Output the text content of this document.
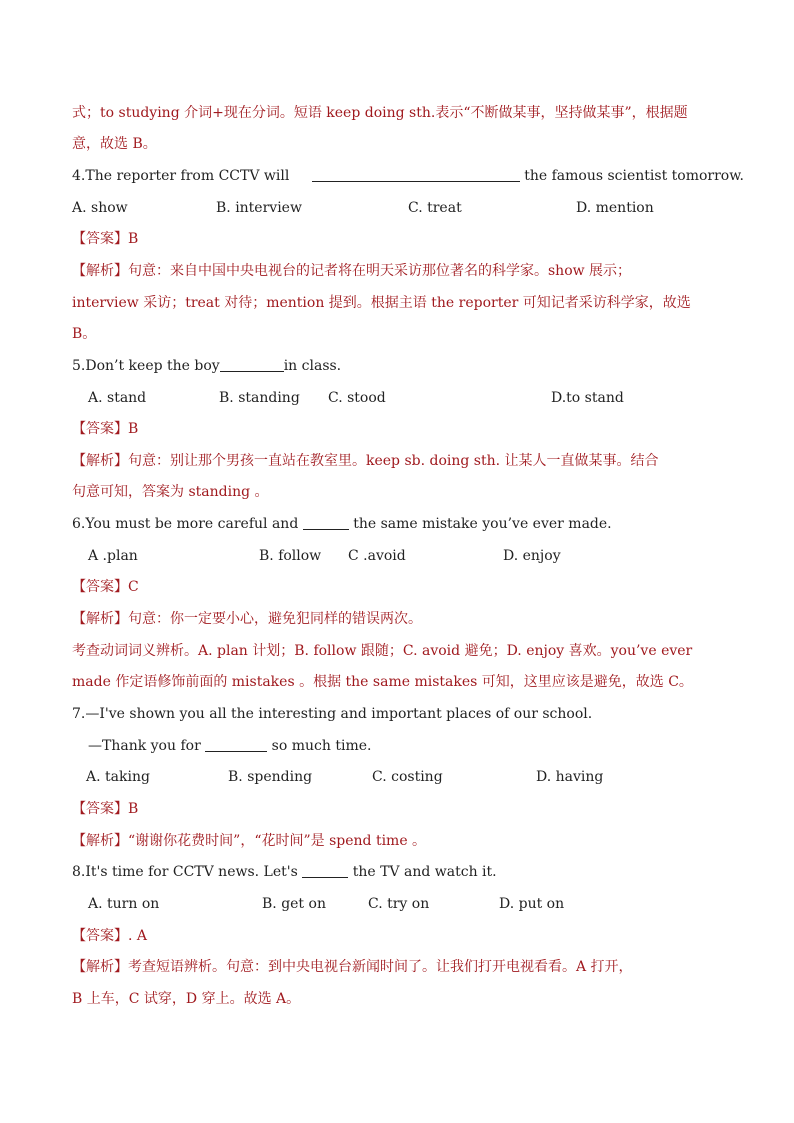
式；to studying 介词+现在分词。短语 keep doing sth.表示“不断做某事，坚持做某事”，根据题
意，故选 B。
4.The reporter from CCTV will	the famous scientist tomorrow.
A. show	B. interview	C. treat	D. mention
【答案】B
【解析】句意：来自中国中央电视台的记者将在明天采访那位著名的科学家。show 展示；
interview 采访；treat 对待；mention 提到。根据主语 the reporter 可知记者采访科学家，故选
B。
5.Don’t keep the boy	in class.
A. stand	B. standing C. stood	D.to stand
【答案】B
【解析】句意：别让那个男孩一直站在教室里。keep sb. doing sth. 让某人一直做某事。结合
句意可知，答案为 standing 。
6.You must be more careful and	the same mistake you’ve ever made.
A .plan	B. follow C .avoid	D. enjoy
【答案】C
【解析】句意：你一定要小心，避免犯同样的错误两次。
考查动词词义辨析。A. plan 计划；B. follow 跟随；C. avoid 避免；D. enjoy 喜欢。you’ve ever
made 作定语修饰前面的 mistakes 。根据 the same mistakes 可知，这里应该是避免，故选 C。
7.—I've shown you all the interesting and important places of our school.
—Thank you for	so much time.
A. taking	B. spending	C. costing	D. having
【答案】B
【解析】“谢谢你花费时间”，“花时间”是 spend time 。
8.It's time for CCTV news. Let's	the TV and watch it.
A. turn on	B. get on	C. try on	D. put on
【答案】. A
【解析】考查短语辨析。句意：到中央电视台新闻时间了。让我们打开电视看看。A 打开，
B 上车，C 试穿，D 穿上。故选 A。
